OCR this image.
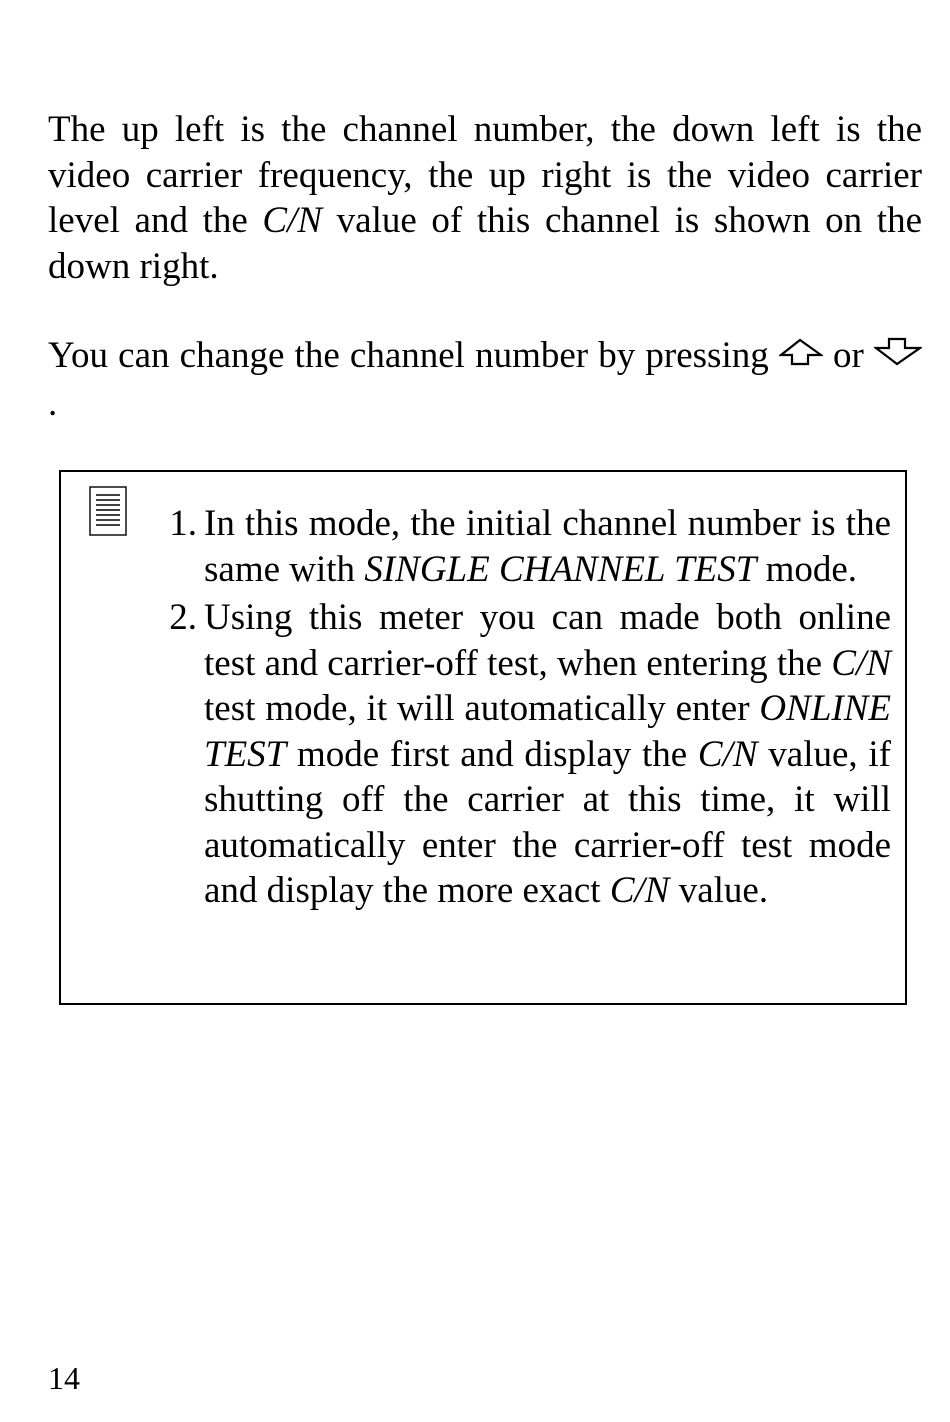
The up left is the channel number, the down left is the video carrier frequency, the up right is the video carrier level and the C/N value of this channel is shown on the down right.

You can change the channel number by pressing  or .

1. In this mode, the initial channel number is the same with SINGLE CHANNEL TEST mode.
2. Using this meter you can made both online test and carrier-off test, when entering the C/N test mode, it will automatically enter ONLINE TEST mode first and display the C/N value, if shutting off the carrier at this time, it will automatically enter the carrier-off test mode and display the more exact C/N value.
14
